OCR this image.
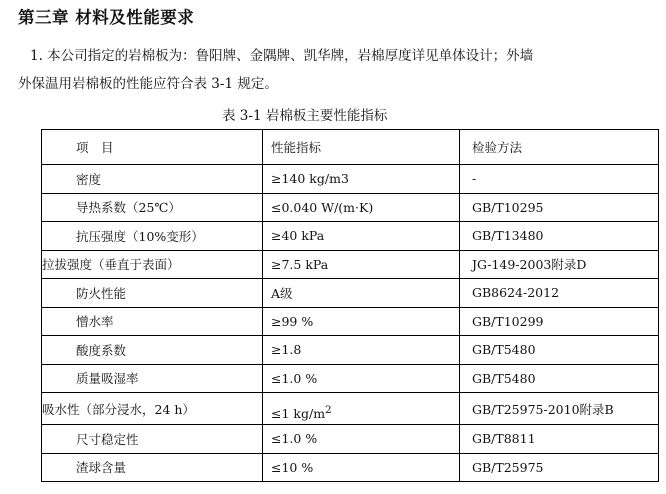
第三章 材料及性能要求
1. 本公司指定的岩棉板为：鲁阳牌、金隅牌、凯华牌，岩棉厚度详见单体设计；外墙
外保温用岩棉板的性能应符合表 3-1 规定。
表 3-1 岩棉板主要性能指标
项　目	性能指标	检验方法
密度	≥140 kg/m3	-
导热系数（25℃）	≤0.040 W/(m·K)	GB/T10295
抗压强度（10%变形）	≥40 kPa	GB/T13480
拉拔强度（垂直于表面）	≥7.5 kPa	JG-149-2003附录D
防火性能	A级	GB8624-2012
憎水率	≥99 %	GB/T10299
酸度系数	≥1.8	GB/T5480
质量吸湿率	≤1.0 %	GB/T5480
吸水性（部分浸水，24 h）	≤1 $kg/m^2$	GB/T25975-2010附录B
尺寸稳定性	≤1.0 %	GB/T8811
渣球含量	≤10 %	GB/T25975
